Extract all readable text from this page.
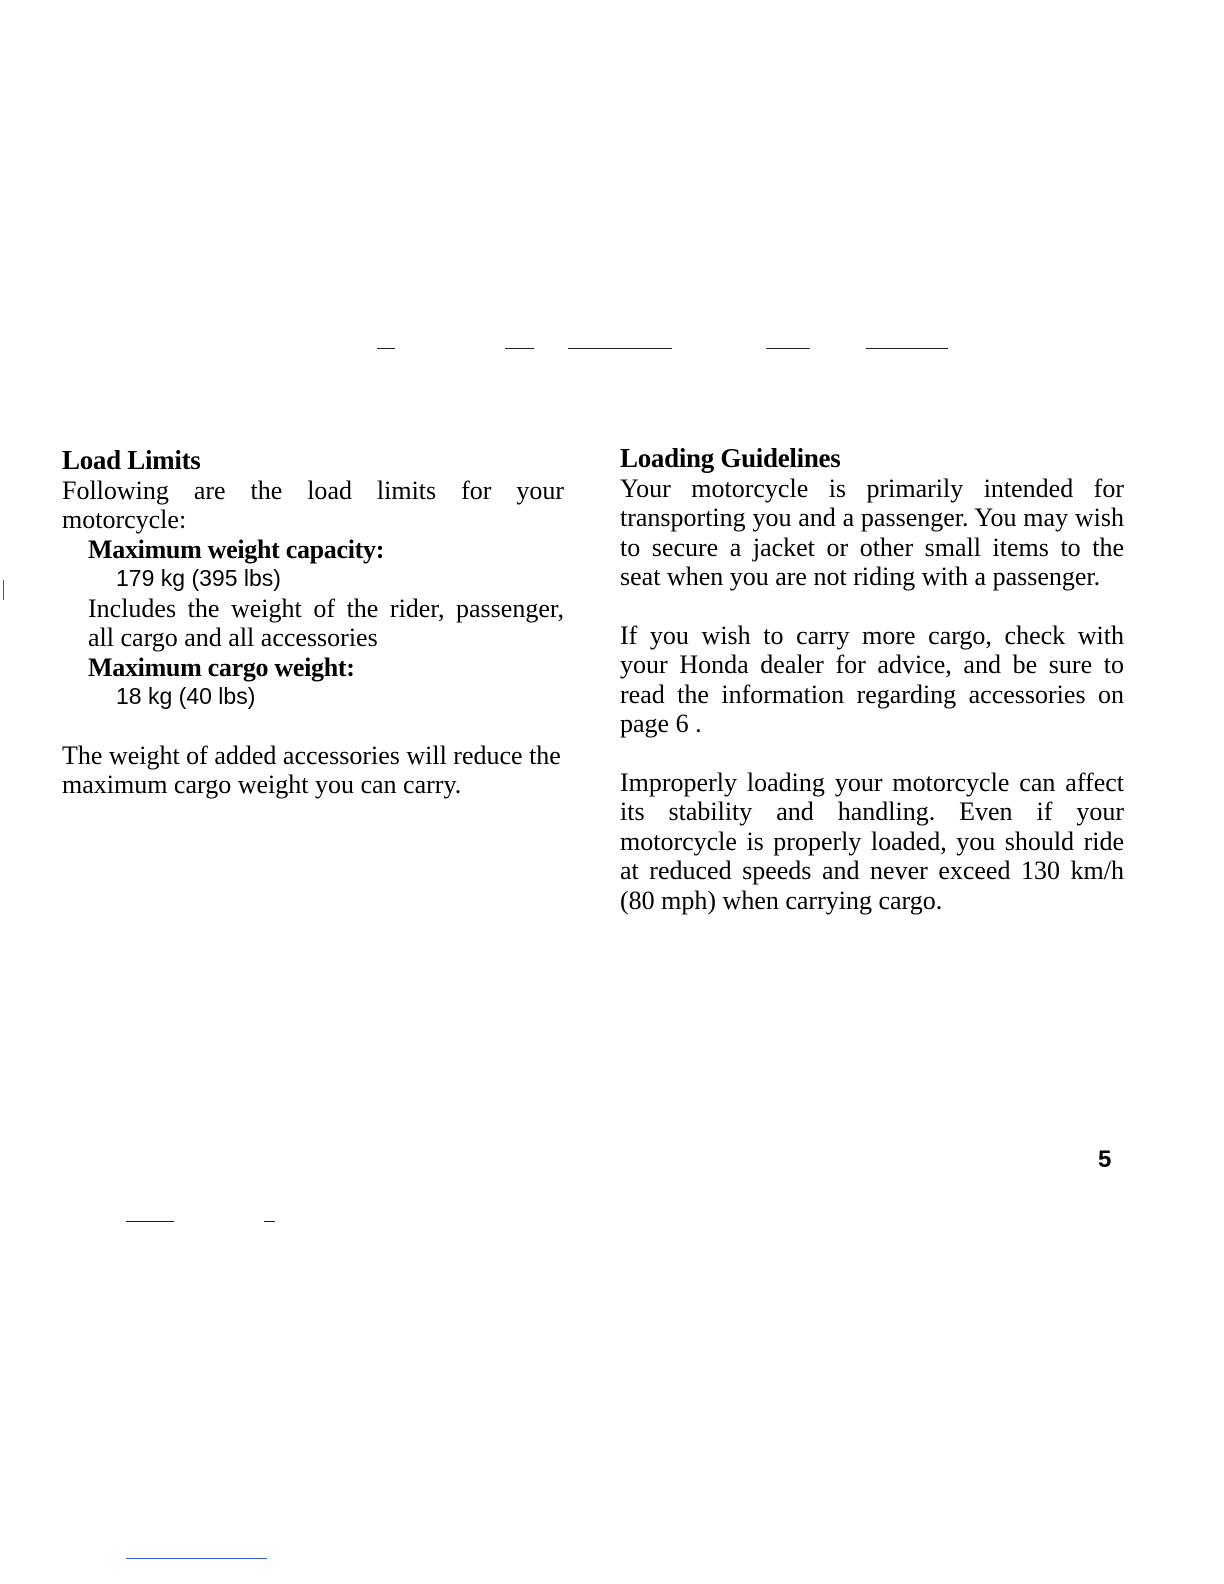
Load Limits

Following are the load limits for your motorcycle:

Maximum weight capacity:
179 kg (395 lbs)
Includes the weight of the rider, passenger, all cargo and all accessories
Maximum cargo weight:
18 kg (40 lbs)

The weight of added accessories will reduce the maximum cargo weight you can carry.

Loading Guidelines

Your motorcycle is primarily intended for transporting you and a passenger. You may wish to secure a jacket or other small items to the seat when you are not riding with a passenger.

If you wish to carry more cargo, check with your Honda dealer for advice, and be sure to read the information regarding accessories on page 6 .

Improperly loading your motorcycle can affect its stability and handling. Even if your motorcycle is properly loaded, you should ride at reduced speeds and never exceed 130 km/h (80 mph) when carrying cargo.

5
